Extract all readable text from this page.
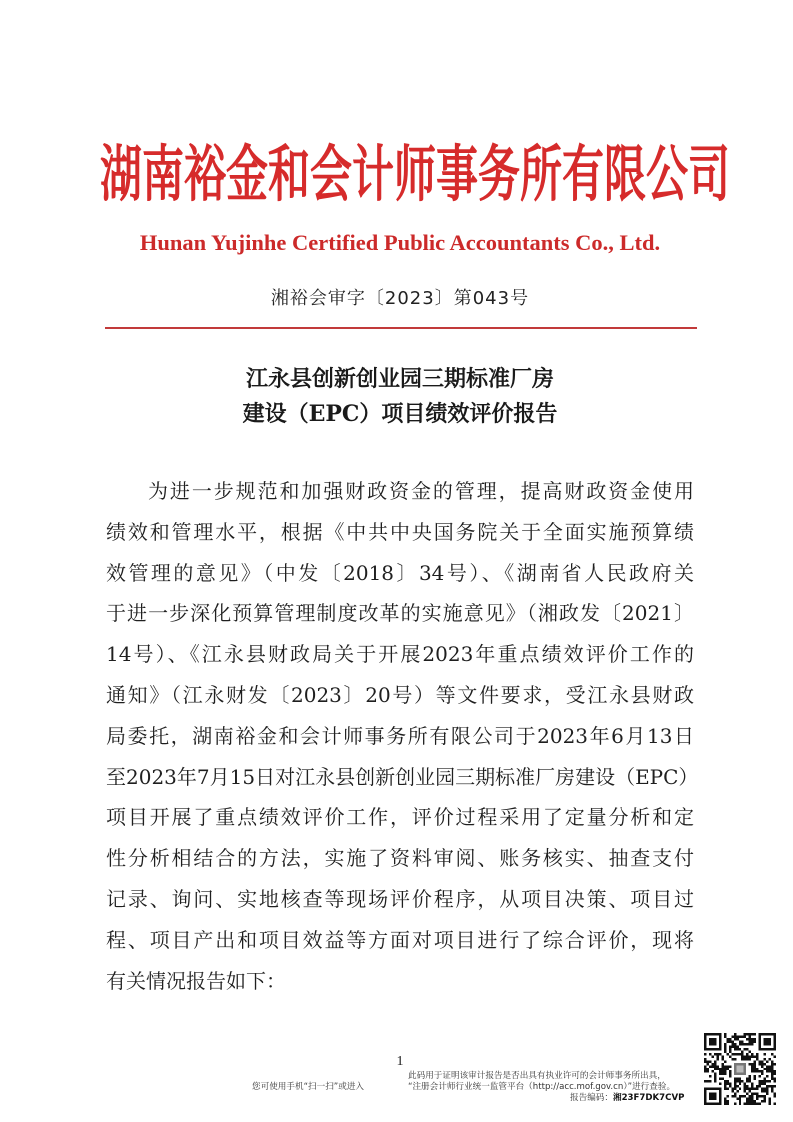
湖南裕金和会计师事务所有限公司
Hunan Yujinhe Certified Public Accountants Co., Ltd.
湘裕会审字〔2023〕第043号
江永县创新创业园三期标准厂房
建设（EPC）项目绩效评价报告
为进一步规范和加强财政资金的管理，提高财政资金使用
绩效和管理水平，根据《中共中央国务院关于全面实施预算绩
效管理的意见》（中发〔2018〕34号）、《湖南省人民政府关
于进一步深化预算管理制度改革的实施意见》（湘政发〔2021〕
14号）、《江永县财政局关于开展2023年重点绩效评价工作的
通知》（江永财发〔2023〕20号）等文件要求，受江永县财政
局委托，湖南裕金和会计师事务所有限公司于2023年6月13日
至2023年7月15日对江永县创新创业园三期标准厂房建设（EPC）
项目开展了重点绩效评价工作，评价过程采用了定量分析和定
性分析相结合的方法，实施了资料审阅、账务核实、抽查支付
记录、询问、实地核查等现场评价程序，从项目决策、项目过
程、项目产出和项目效益等方面对项目进行了综合评价，现将
有关情况报告如下：
1
您可使用手机“扫一扫”或进入
此码用于证明该审计报告是否出具有执业许可的会计师事务所出具，
“注册会计师行业统一监管平台（http://acc.mof.gov.cn）”进行查验。
报告编码：湘23F7DK7CVP
